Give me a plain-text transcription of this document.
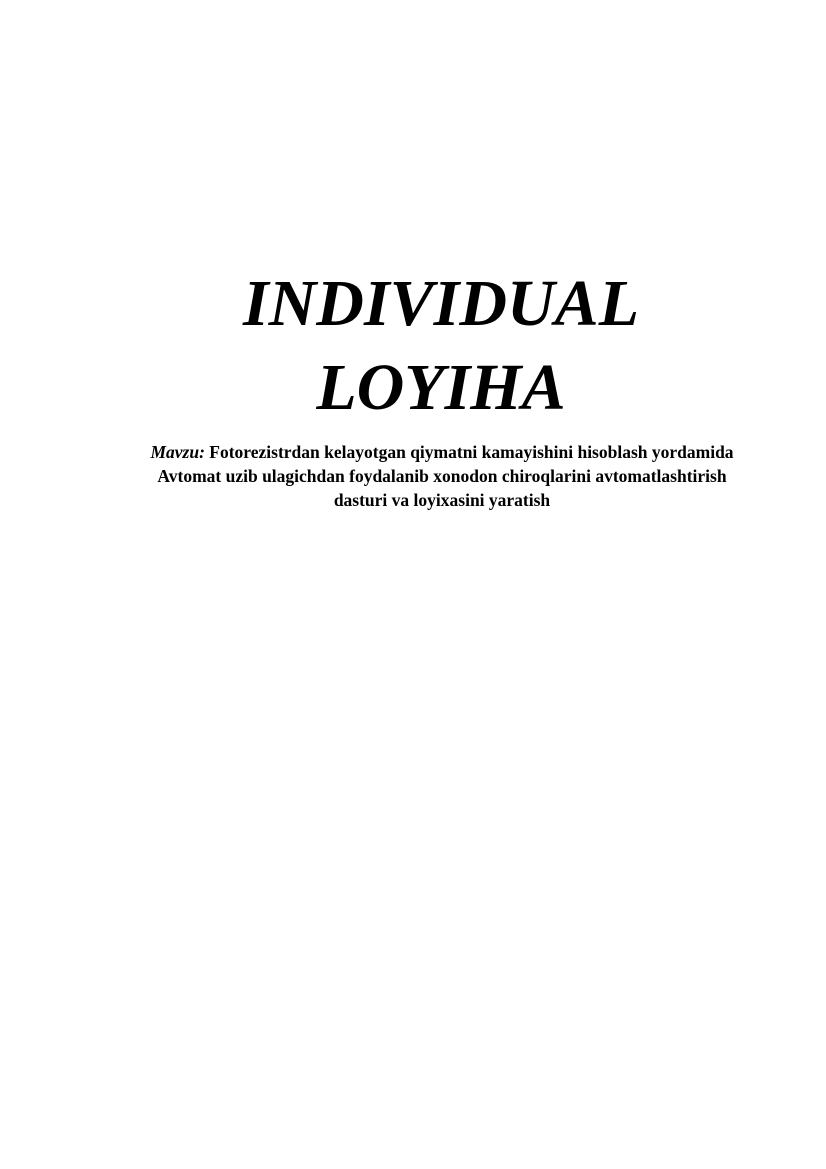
INDIVIDUAL
LOYIHA
Mavzu: Fotorezistrdan kelayotgan qiymatni kamayishini hisoblash yordamida
Avtomat uzib ulagichdan foydalanib xonodon chiroqlarini avtomatlashtirish
dasturi va loyixasini yaratish
